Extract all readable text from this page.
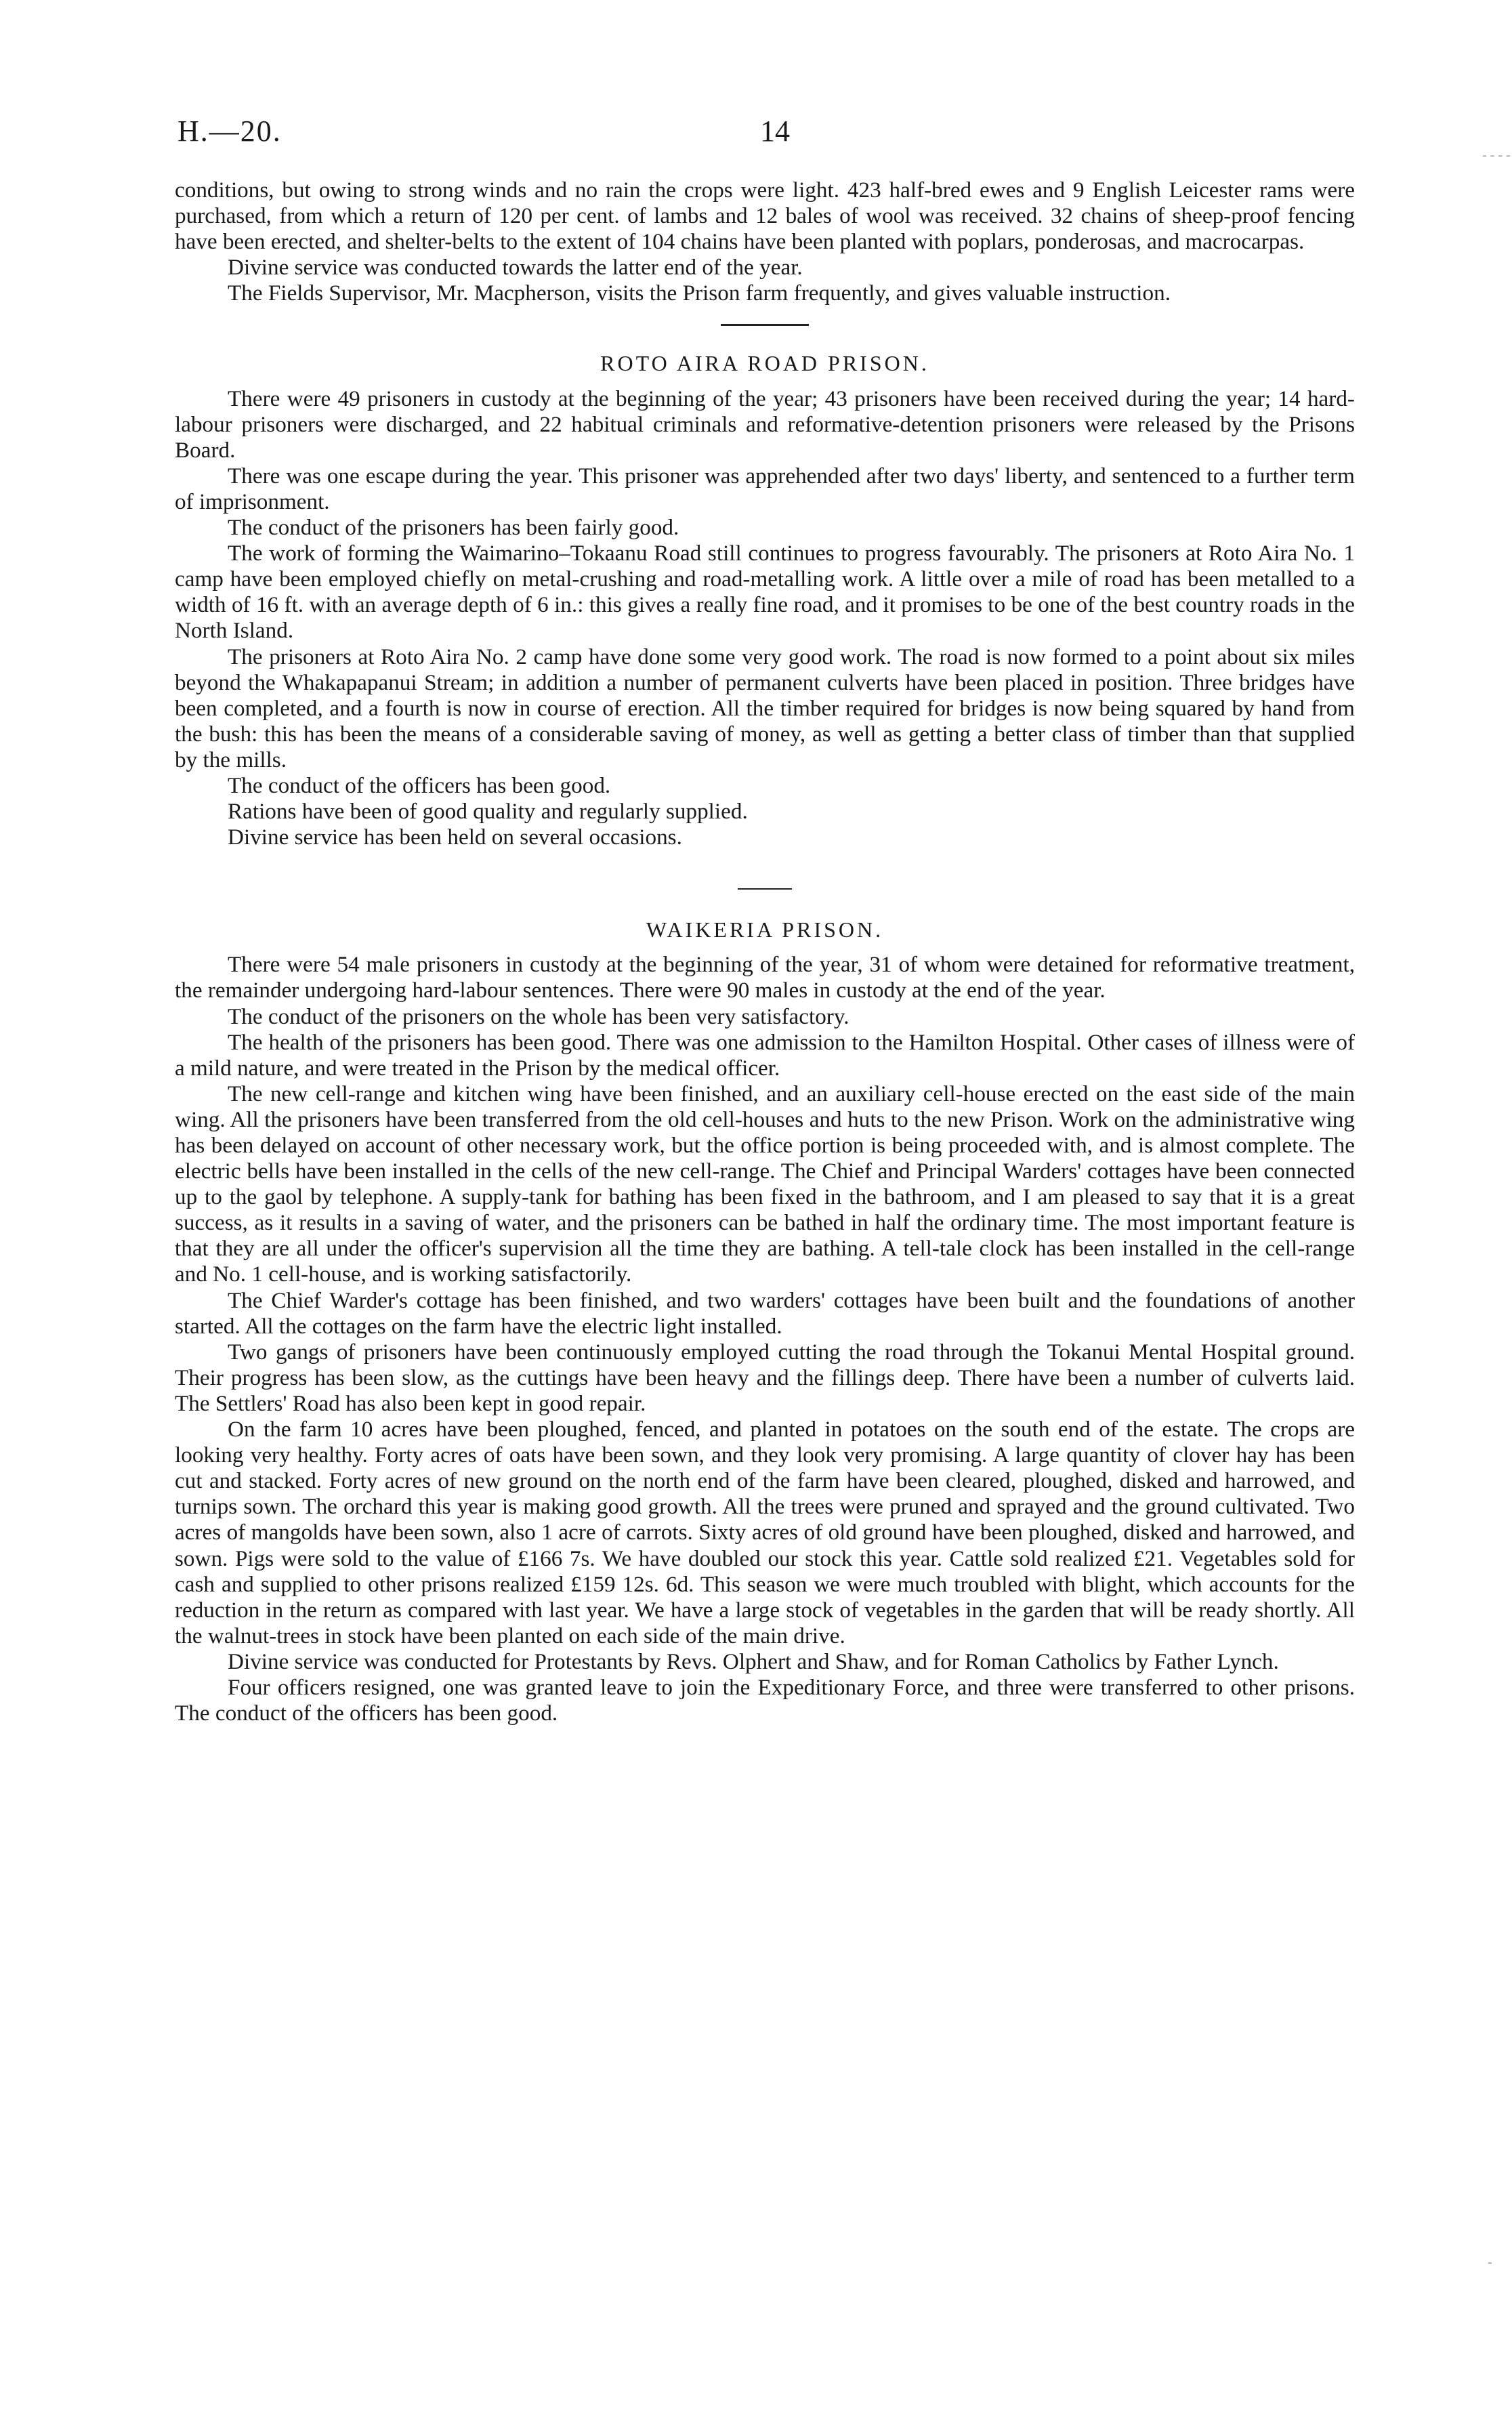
H.—20.	14

conditions, but owing to strong winds and no rain the crops were light. 423 half-bred ewes and 9 English Leicester rams were purchased, from which a return of 120 per cent. of lambs and 12 bales of wool was received. 32 chains of sheep-proof fencing have been erected, and shelter-belts to the extent of 104 chains have been planted with poplars, ponderosas, and macrocarpas.

Divine service was conducted towards the latter end of the year.

The Fields Supervisor, Mr. Macpherson, visits the Prison farm frequently, and gives valuable instruction.

ROTO AIRA ROAD PRISON.

There were 49 prisoners in custody at the beginning of the year; 43 prisoners have been received during the year; 14 hard-labour prisoners were discharged, and 22 habitual criminals and reformative-detention prisoners were released by the Prisons Board.

There was one escape during the year. This prisoner was apprehended after two days' liberty, and sentenced to a further term of imprisonment.

The conduct of the prisoners has been fairly good.

The work of forming the Waimarino–Tokaanu Road still continues to progress favourably. The prisoners at Roto Aira No. 1 camp have been employed chiefly on metal-crushing and road-metalling work. A little over a mile of road has been metalled to a width of 16 ft. with an average depth of 6 in.: this gives a really fine road, and it promises to be one of the best country roads in the North Island.

The prisoners at Roto Aira No. 2 camp have done some very good work. The road is now formed to a point about six miles beyond the Whakapapanui Stream; in addition a number of permanent culverts have been placed in position. Three bridges have been completed, and a fourth is now in course of erection. All the timber required for bridges is now being squared by hand from the bush: this has been the means of a considerable saving of money, as well as getting a better class of timber than that supplied by the mills.

The conduct of the officers has been good.

Rations have been of good quality and regularly supplied.

Divine service has been held on several occasions.

WAIKERIA PRISON.

There were 54 male prisoners in custody at the beginning of the year, 31 of whom were detained for reformative treatment, the remainder undergoing hard-labour sentences. There were 90 males in custody at the end of the year.

The conduct of the prisoners on the whole has been very satisfactory.

The health of the prisoners has been good. There was one admission to the Hamilton Hospital. Other cases of illness were of a mild nature, and were treated in the Prison by the medical officer.

The new cell-range and kitchen wing have been finished, and an auxiliary cell-house erected on the east side of the main wing. All the prisoners have been transferred from the old cell-houses and huts to the new Prison. Work on the administrative wing has been delayed on account of other necessary work, but the office portion is being proceeded with, and is almost complete. The electric bells have been installed in the cells of the new cell-range. The Chief and Principal Warders' cottages have been connected up to the gaol by telephone. A supply-tank for bathing has been fixed in the bathroom, and I am pleased to say that it is a great success, as it results in a saving of water, and the prisoners can be bathed in half the ordinary time. The most important feature is that they are all under the officer's supervision all the time they are bathing. A tell-tale clock has been installed in the cell-range and No. 1 cell-house, and is working satisfactorily.

The Chief Warder's cottage has been finished, and two warders' cottages have been built and the foundations of another started. All the cottages on the farm have the electric light installed.

Two gangs of prisoners have been continuously employed cutting the road through the Tokanui Mental Hospital ground. Their progress has been slow, as the cuttings have been heavy and the fillings deep. There have been a number of culverts laid. The Settlers' Road has also been kept in good repair.

On the farm 10 acres have been ploughed, fenced, and planted in potatoes on the south end of the estate. The crops are looking very healthy. Forty acres of oats have been sown, and they look very promising. A large quantity of clover hay has been cut and stacked. Forty acres of new ground on the north end of the farm have been cleared, ploughed, disked and harrowed, and turnips sown. The orchard this year is making good growth. All the trees were pruned and sprayed and the ground cultivated. Two acres of mangolds have been sown, also 1 acre of carrots. Sixty acres of old ground have been ploughed, disked and harrowed, and sown. Pigs were sold to the value of £166 7s. We have doubled our stock this year. Cattle sold realized £21. Vegetables sold for cash and supplied to other prisons realized £159 12s. 6d. This season we were much troubled with blight, which accounts for the reduction in the return as compared with last year. We have a large stock of vegetables in the garden that will be ready shortly. All the walnut-trees in stock have been planted on each side of the main drive.

Divine service was conducted for Protestants by Revs. Olphert and Shaw, and for Roman Catholics by Father Lynch.

Four officers resigned, one was granted leave to join the Expeditionary Force, and three were transferred to other prisons. The conduct of the officers has been good.

- - - -
-
